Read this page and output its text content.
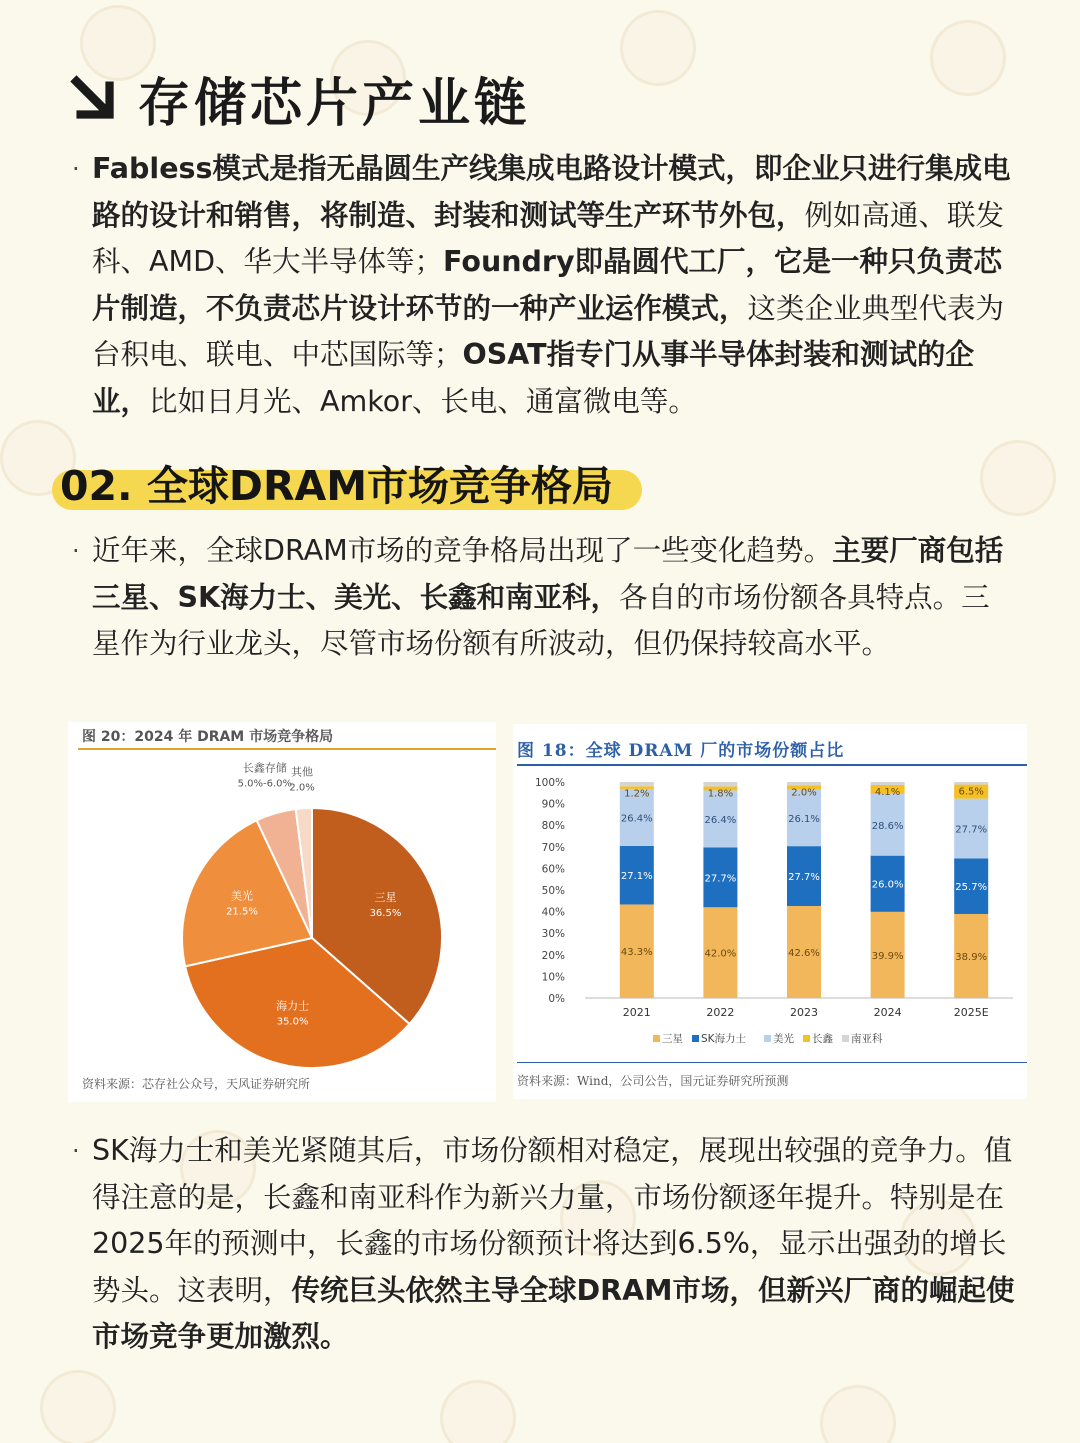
存储芯片产业链
· Fabless模式是指无晶圆生产线集成电路设计模式，即企业只进行集成电路的设计和销售，将制造、封装和测试等生产环节外包，例如高通、联发科、AMD、华大半导体等；Foundry即晶圆代工厂，它是一种只负责芯片制造，不负责芯片设计环节的一种产业运作模式，这类企业典型代表为台积电、联电、中芯国际等；OSAT指专门从事半导体封装和测试的企业，比如日月光、Amkor、长电、通富微电等。
02. 全球DRAM市场竞争格局
· 近年来，全球DRAM市场的竞争格局出现了一些变化趋势。主要厂商包括三星、SK海力士、美光、长鑫和南亚科，各自的市场份额各具特点。三星作为行业龙头，尽管市场份额有所波动，但仍保持较高水平。
图 20：2024 年 DRAM 市场竞争格局
三星
36.5%
海力士
35.0%
美光
21.5%
长鑫存储
5.0%-6.0%
其他
2.0%
资料来源：芯存社公众号，天风证券研究所
图 18：全球 DRAM 厂的市场份额占比
0%
10%
20%
30%
40%
50%
60%
70%
80%
90%
100%
43.3%
27.1%
26.4%
1.2%
2021
42.0%
27.7%
26.4%
1.8%
2022
42.6%
27.7%
26.1%
2.0%
2023
39.9%
26.0%
28.6%
4.1%
2024
38.9%
25.7%
27.7%
6.5%
2025E
三星 SK海力士	美光 长鑫 南亚科
资料来源：Wind，公司公告，国元证券研究所预测
· SK海力士和美光紧随其后，市场份额相对稳定，展现出较强的竞争力。值得注意的是，长鑫和南亚科作为新兴力量，市场份额逐年提升。特别是在2025年的预测中，长鑫的市场份额预计将达到6.5%，显示出强劲的增长势头。这表明，传统巨头依然主导全球DRAM市场，但新兴厂商的崛起使市场竞争更加激烈。
